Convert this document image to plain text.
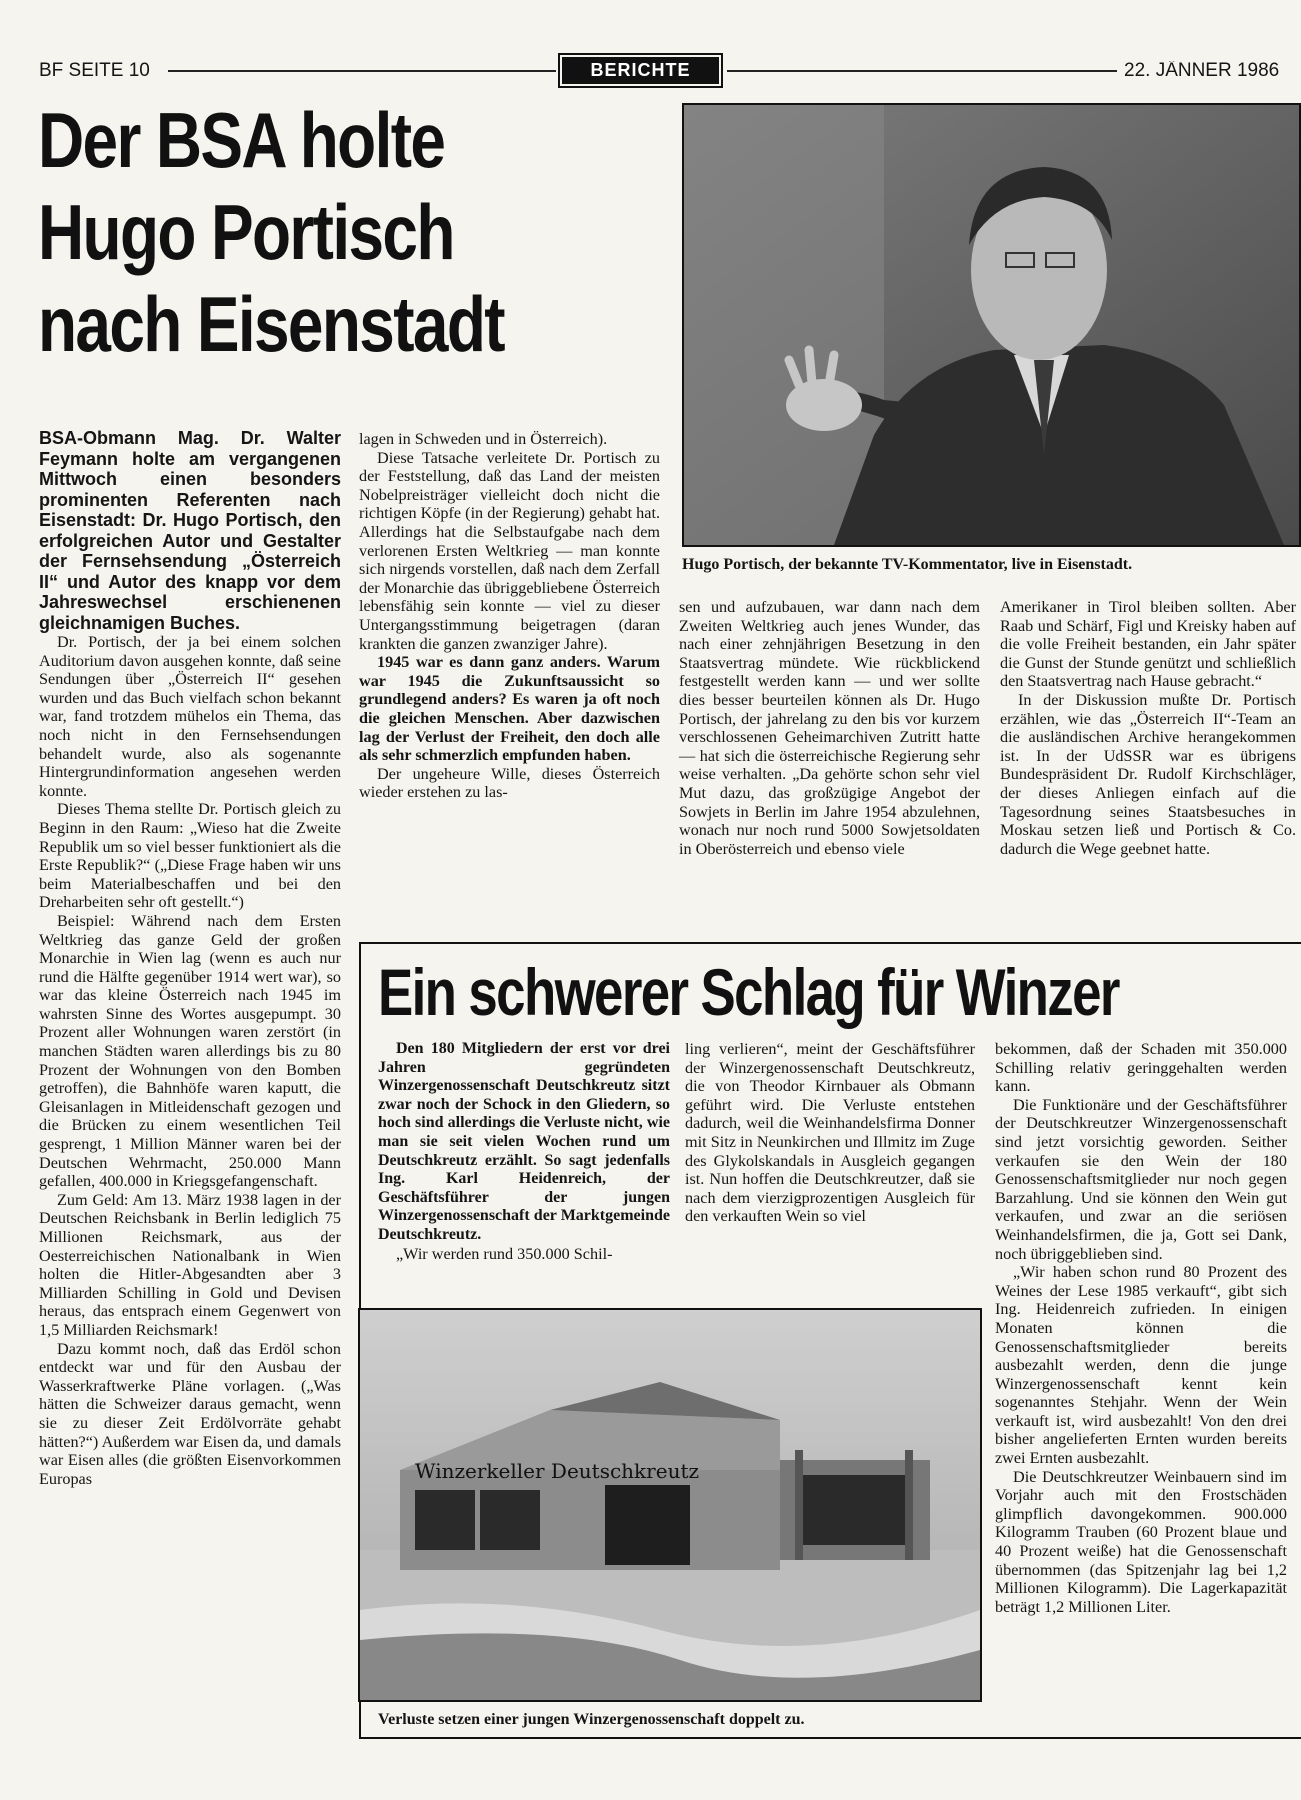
BF SEITE 10	BERICHTE	22. JÄNNER 1986
Der BSA holte
Hugo Portisch
nach Eisenstadt
Hugo Portisch, der bekannte TV-Kommentator, live in Eisenstadt.

BSA-Obmann Mag. Dr. Walter Feymann holte am vergangenen Mittwoch einen besonders prominenten Referenten nach Eisenstadt: Dr. Hugo Portisch, den erfolgreichen Autor und Gestalter der Fernsehsendung „Österreich II“ und Autor des knapp vor dem Jahreswechsel erschienenen gleichnamigen Buches.

Dr. Portisch, der ja bei einem solchen Auditorium davon ausgehen konnte, daß seine Sendungen über „Österreich II“ gesehen wurden und das Buch vielfach schon bekannt war, fand trotzdem mühelos ein Thema, das noch nicht in den Fernsehsendungen behandelt wurde, also als sogenannte Hintergrundinformation angesehen werden konnte.

Dieses Thema stellte Dr. Portisch gleich zu Beginn in den Raum: „Wieso hat die Zweite Republik um so viel besser funktioniert als die Erste Republik?“ („Diese Frage haben wir uns beim Materialbeschaffen und bei den Dreharbeiten sehr oft gestellt.“)

Beispiel: Während nach dem Ersten Weltkrieg das ganze Geld der großen Monarchie in Wien lag (wenn es auch nur rund die Hälfte gegenüber 1914 wert war), so war das kleine Österreich nach 1945 im wahrsten Sinne des Wortes ausgepumpt. 30 Prozent aller Wohnungen waren zerstört (in manchen Städten waren allerdings bis zu 80 Prozent der Wohnungen von den Bomben getroffen), die Bahnhöfe waren kaputt, die Gleisanlagen in Mitleidenschaft gezogen und die Brücken zu einem wesentlichen Teil gesprengt, 1 Million Männer waren bei der Deutschen Wehrmacht, 250.000 Mann gefallen, 400.000 in Kriegsgefangenschaft.

Zum Geld: Am 13. März 1938 lagen in der Deutschen Reichsbank in Berlin lediglich 75 Millionen Reichsmark, aus der Oesterreichischen Nationalbank in Wien holten die Hitler-Abgesandten aber 3 Milliarden Schilling in Gold und Devisen heraus, das entsprach einem Gegenwert von 1,5 Milliarden Reichsmark!

Dazu kommt noch, daß das Erdöl schon entdeckt war und für den Ausbau der Wasserkraftwerke Pläne vorlagen. („Was hätten die Schweizer daraus gemacht, wenn sie zu dieser Zeit Erdölvorräte gehabt hätten?“) Außerdem war Eisen da, und damals war Eisen alles (die größten Eisenvorkommen Europas

lagen in Schweden und in Österreich).

Diese Tatsache verleitete Dr. Portisch zu der Feststellung, daß das Land der meisten Nobelpreisträger vielleicht doch nicht die richtigen Köpfe (in der Regierung) gehabt hat. Allerdings hat die Selbstaufgabe nach dem verlorenen Ersten Weltkrieg — man konnte sich nirgends vorstellen, daß nach dem Zerfall der Monarchie das übriggebliebene Österreich lebensfähig sein konnte — viel zu dieser Untergangsstimmung beigetragen (daran krankten die ganzen zwanziger Jahre).

1945 war es dann ganz anders. Warum war 1945 die Zukunftsaussicht so grundlegend anders? Es waren ja oft noch die gleichen Menschen. Aber dazwischen lag der Verlust der Freiheit, den doch alle als sehr schmerzlich empfunden haben.

Der ungeheure Wille, dieses Österreich wieder erstehen zu las-

sen und aufzubauen, war dann nach dem Zweiten Weltkrieg auch jenes Wunder, das nach einer zehnjährigen Besetzung in den Staatsvertrag mündete. Wie rückblickend festgestellt werden kann — und wer sollte dies besser beurteilen können als Dr. Hugo Portisch, der jahrelang zu den bis vor kurzem verschlossenen Geheimarchiven Zutritt hatte — hat sich die österreichische Regierung sehr weise verhalten. „Da gehörte schon sehr viel Mut dazu, das großzügige Angebot der Sowjets in Berlin im Jahre 1954 abzulehnen, wonach nur noch rund 5000 Sowjetsoldaten in Oberösterreich und ebenso viele

Amerikaner in Tirol bleiben sollten. Aber Raab und Schärf, Figl und Kreisky haben auf die volle Freiheit bestanden, ein Jahr später die Gunst der Stunde genützt und schließlich den Staatsvertrag nach Hause gebracht.“

In der Diskussion mußte Dr. Portisch erzählen, wie das „Österreich II“-Team an die ausländischen Archive herangekommen ist. In der UdSSR war es übrigens Bundespräsident Dr. Rudolf Kirchschläger, der dieses Anliegen einfach auf die Tagesordnung seines Staatsbesuches in Moskau setzen ließ und Portisch & Co. dadurch die Wege geebnet hatte.

Ein schwerer Schlag für Winzer

Den 180 Mitgliedern der erst vor drei Jahren gegründeten Winzergenossenschaft Deutschkreutz sitzt zwar noch der Schock in den Gliedern, so hoch sind allerdings die Verluste nicht, wie man sie seit vielen Wochen rund um Deutschkreutz erzählt. So sagt jedenfalls Ing. Karl Heidenreich, der Geschäftsführer der jungen Winzergenossenschaft der Marktgemeinde Deutschkreutz.

„Wir werden rund 350.000 Schil-

ling verlieren“, meint der Geschäftsführer der Winzergenossenschaft Deutschkreutz, die von Theodor Kirnbauer als Obmann geführt wird. Die Verluste entstehen dadurch, weil die Weinhandelsfirma Donner mit Sitz in Neunkirchen und Illmitz im Zuge des Glykolskandals in Ausgleich gegangen ist. Nun hoffen die Deutschkreutzer, daß sie nach dem vierzigprozentigen Ausgleich für den verkauften Wein so viel

bekommen, daß der Schaden mit 350.000 Schilling relativ geringgehalten werden kann.

Die Funktionäre und der Geschäftsführer der Deutschkreutzer Winzergenossenschaft sind jetzt vorsichtig geworden. Seither verkaufen sie den Wein der 180 Genossenschaftsmitglieder nur noch gegen Barzahlung. Und sie können den Wein gut verkaufen, und zwar an die seriösen Weinhandelsfirmen, die ja, Gott sei Dank, noch übriggeblieben sind.

„Wir haben schon rund 80 Prozent des Weines der Lese 1985 verkauft“, gibt sich Ing. Heidenreich zufrieden. In einigen Monaten können die Genossenschaftsmitglieder bereits ausbezahlt werden, denn die junge Winzergenossenschaft kennt kein sogenanntes Stehjahr. Wenn der Wein verkauft ist, wird ausbezahlt! Von den drei bisher angelieferten Ernten wurden bereits zwei Ernten ausbezahlt.

Die Deutschkreutzer Weinbauern sind im Vorjahr auch mit den Frostschäden glimpflich davongekommen. 900.000 Kilogramm Trauben (60 Prozent blaue und 40 Prozent weiße) hat die Genossenschaft übernommen (das Spitzenjahr lag bei 1,2 Millionen Kilogramm). Die Lagerkapazität beträgt 1,2 Millionen Liter.

Winzerkeller Deutschkreutz
Verluste setzen einer jungen Winzergenossenschaft doppelt zu.
